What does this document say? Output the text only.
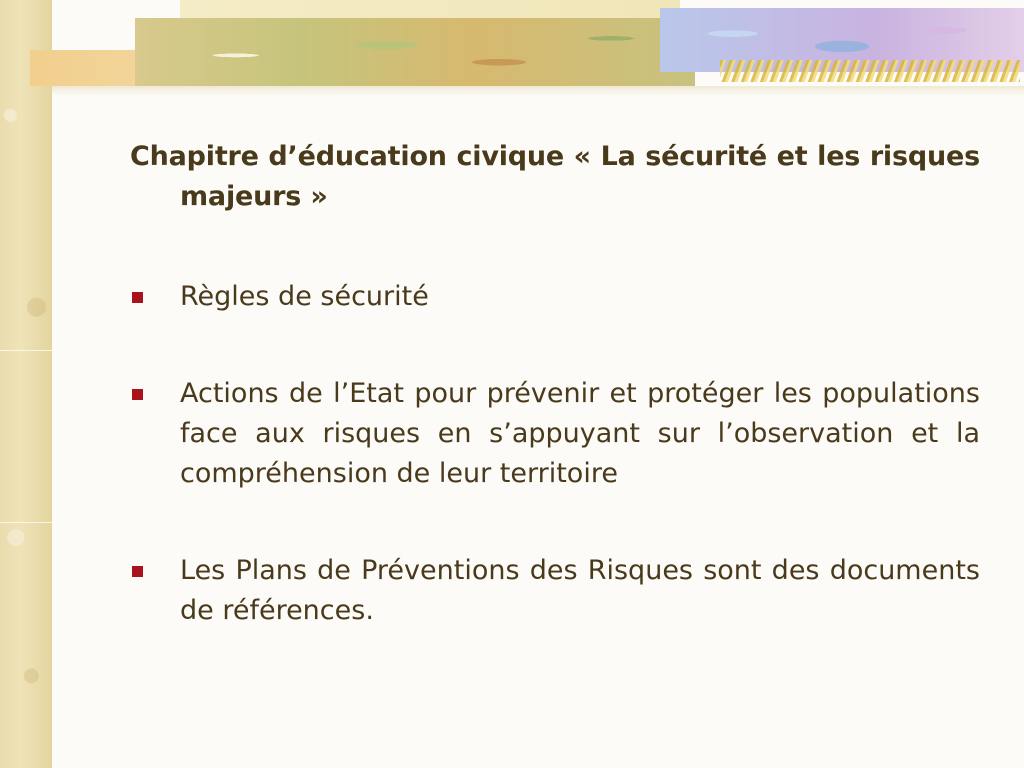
Chapitre d’éducation civique « La sécurité et les risques majeurs »

Règles de sécurité
Actions de l’Etat pour prévenir et protéger les populations face aux risques en s’appuyant sur l’observation et la compréhension de leur territoire
Les Plans de Préventions des Risques sont des documents de références.
